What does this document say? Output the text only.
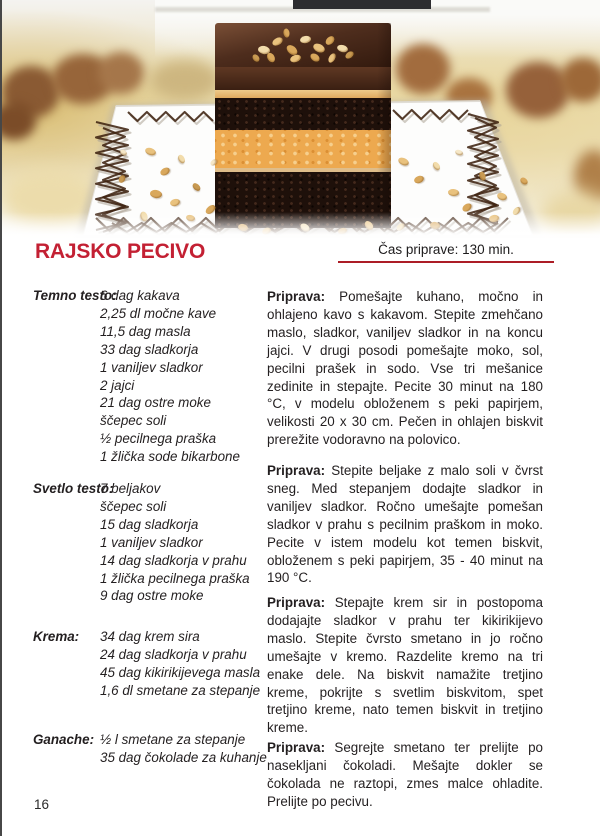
RAJSKO PECIVO	Čas priprave: 130 min.
Temno testo:
6 dag kakava
2,25 dl močne kave
11,5 dag masla
33 dag sladkorja
1 vaniljev sladkor
2 jajci
21 dag ostre moke
ščepec soli
½ pecilnega praška
1 žlička sode bikarbone
Svetlo testo:
7 beljakov
ščepec soli
15 dag sladkorja
1 vaniljev sladkor
14 dag sladkorja v prahu
1 žlička pecilnega praška
9 dag ostre moke
Krema: 34 dag krem sira
24 dag sladkorja v prahu
45 dag kikirikijevega masla
1,6 dl smetane za stepanje
Ganache: ½ l smetane za stepanje
35 dag čokolade za kuhanje

Priprava: Pomešajte kuhano, močno in ohlajeno kavo s kakavom. Stepite zmehčano maslo, sladkor, vaniljev sladkor in na koncu jajci. V drugi posodi pomešajte moko, sol, pecilni prašek in sodo. Vse tri mešanice zedinite in stepajte. Pecite 30 minut na 180 °C, v modelu obloženem s peki papirjem, velikosti 20 x 30 cm. Pečen in ohlajen biskvit prerežite vodoravno na polovico.

Priprava: Stepite beljake z malo soli v čvrst sneg. Med stepanjem dodajte sladkor in vaniljev sladkor. Ročno umešajte pomešan sladkor v prahu s pecilnim praškom in moko. Pecite v istem modelu kot temen biskvit, obloženem s peki papirjem, 35 - 40 minut na 190 °C.

Priprava: Stepajte krem sir in postopoma dodajajte sladkor v prahu ter kikirikijevo maslo. Stepite čvrsto smetano in jo ročno umešajte v kremo. Razdelite kremo na tri enake dele. Na biskvit namažite tretjino kreme, pokrijte s svetlim biskvitom, spet tretjino kreme, nato temen biskvit in tretjino kreme.

Priprava: Segrejte smetano ter prelijte po nasekljani čokoladi. Mešajte dokler se čokolada ne raztopi, zmes malce ohladite. Prelijte po pecivu.

16
